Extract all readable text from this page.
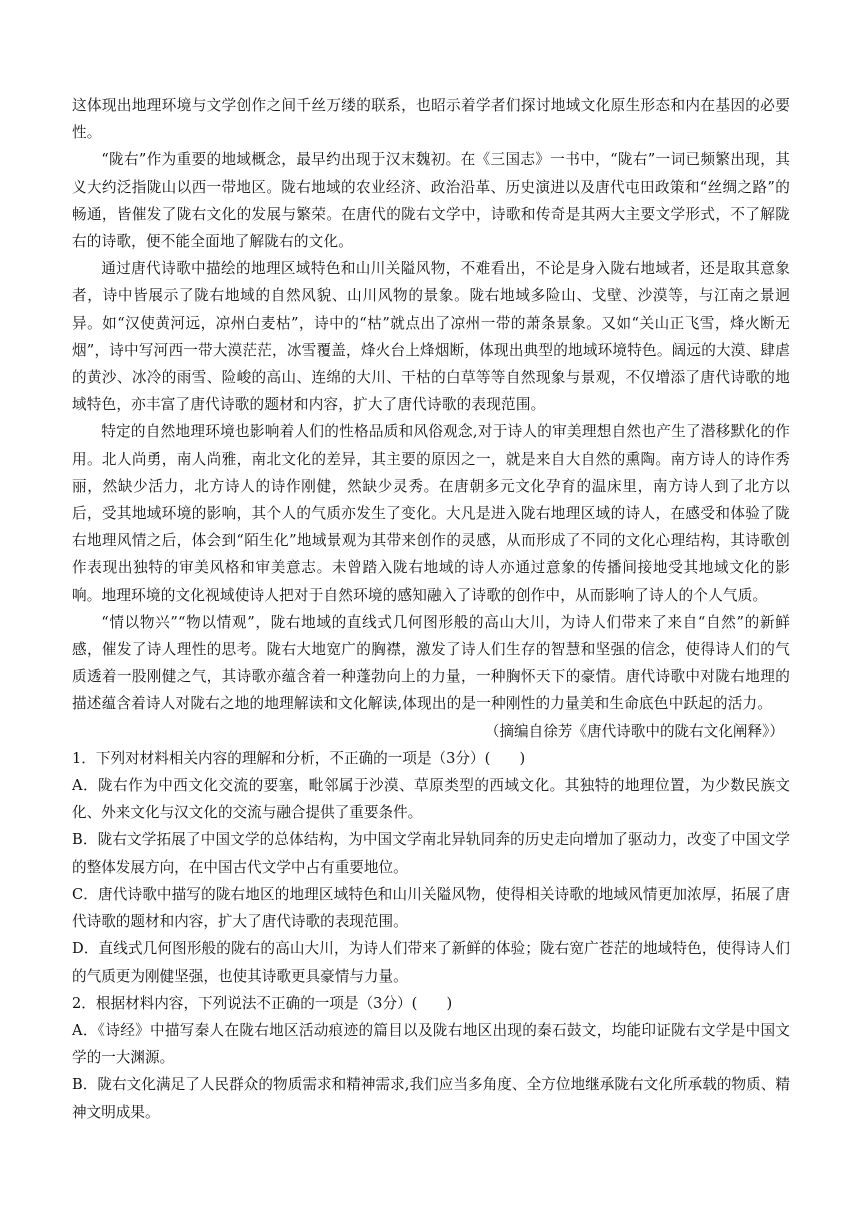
这体现出地理环境与文学创作之间千丝万缕的联系，也昭示着学者们探讨地域文化原生形态和内在基因的必要性。

“陇右”作为重要的地域概念，最早约出现于汉末魏初。在《三国志》一书中，“陇右”一词已频繁出现，其义大约泛指陇山以西一带地区。陇右地域的农业经济、政治沿革、历史演进以及唐代屯田政策和“丝绸之路”的畅通，皆催发了陇右文化的发展与繁荣。在唐代的陇右文学中，诗歌和传奇是其两大主要文学形式，不了解陇右的诗歌，便不能全面地了解陇右的文化。

通过唐代诗歌中描绘的地理区域特色和山川关隘风物，不难看出，不论是身入陇右地域者，还是取其意象者，诗中皆展示了陇右地域的自然风貌、山川风物的景象。陇右地域多险山、戈壁、沙漠等，与江南之景迥异。如“汉使黄河远，凉州白麦枯”，诗中的“枯”就点出了凉州一带的萧条景象。又如“关山正飞雪，烽火断无烟”，诗中写河西一带大漠茫茫，冰雪覆盖，烽火台上烽烟断，体现出典型的地域环境特色。阔远的大漠、肆虐的黄沙、冰冷的雨雪、险峻的高山、连绵的大川、干枯的白草等等自然现象与景观，不仅增添了唐代诗歌的地域特色，亦丰富了唐代诗歌的题材和内容，扩大了唐代诗歌的表现范围。

特定的自然地理环境也影响着人们的性格品质和风俗观念,对于诗人的审美理想自然也产生了潜移默化的作用。北人尚勇，南人尚雅，南北文化的差异，其主要的原因之一，就是来自大自然的熏陶。南方诗人的诗作秀丽，然缺少活力，北方诗人的诗作刚健，然缺少灵秀。在唐朝多元文化孕育的温床里，南方诗人到了北方以后，受其地域环境的影响，其个人的气质亦发生了变化。大凡是进入陇右地理区域的诗人，在感受和体验了陇右地理风情之后，体会到“陌生化”地域景观为其带来创作的灵感，从而形成了不同的文化心理结构，其诗歌创作表现出独特的审美风格和审美意志。未曾踏入陇右地域的诗人亦通过意象的传播间接地受其地域文化的影响。地理环境的文化视域使诗人把对于自然环境的感知融入了诗歌的创作中，从而影响了诗人的个人气质。

“情以物兴”“物以情观”，陇右地域的直线式几何图形般的高山大川，为诗人们带来了来自“自然”的新鲜感，催发了诗人理性的思考。陇右大地宽广的胸襟，激发了诗人们生存的智慧和坚强的信念，使得诗人们的气质透着一股刚健之气，其诗歌亦蕴含着一种蓬勃向上的力量，一种胸怀天下的豪情。唐代诗歌中对陇右地理的描述蕴含着诗人对陇右之地的地理解读和文化解读,体现出的是一种刚性的力量美和生命底色中跃起的活力。

（摘编自徐芳《唐代诗歌中的陇右文化阐释》）

1．下列对材料相关内容的理解和分析，不正确的一项是（3分）(　　)

A．陇右作为中西文化交流的要塞，毗邻属于沙漠、草原类型的西域文化。其独特的地理位置，为少数民族文化、外来文化与汉文化的交流与融合提供了重要条件。

B．陇右文学拓展了中国文学的总体结构，为中国文学南北异轨同奔的历史走向增加了驱动力，改变了中国文学的整体发展方向，在中国古代文学中占有重要地位。

C．唐代诗歌中描写的陇右地区的地理区域特色和山川关隘风物，使得相关诗歌的地域风情更加浓厚，拓展了唐代诗歌的题材和内容，扩大了唐代诗歌的表现范围。

D．直线式几何图形般的陇右的高山大川，为诗人们带来了新鲜的体验；陇右宽广苍茫的地域特色，使得诗人们的气质更为刚健坚强，也使其诗歌更具豪情与力量。

2．根据材料内容，下列说法不正确的一项是（3分）(　　)

A．《诗经》中描写秦人在陇右地区活动痕迹的篇目以及陇右地区出现的秦石鼓文，均能印证陇右文学是中国文学的一大渊源。

B．陇右文化满足了人民群众的物质需求和精神需求,我们应当多角度、全方位地继承陇右文化所承载的物质、精神文明成果。
